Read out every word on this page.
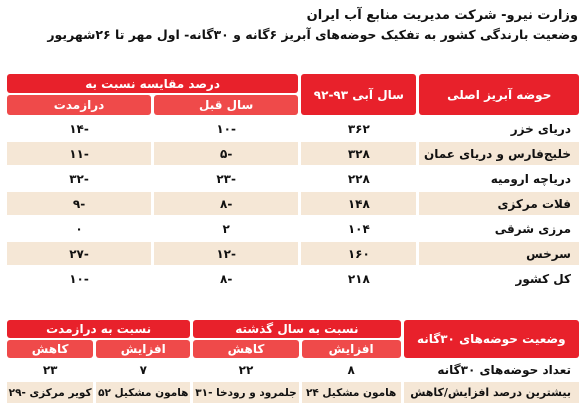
وزارت نیرو- شرکت مدیریت منابع آب ایران
وضعیت بارندگی کشور به تفکیک حوضه‌های آبریز ۶گانه و ۳۰گانه- اول مهر تا ۲۶شهریور
حوضه آبریز اصلی	سال آبی ۹۳-۹۲	درصد مقایسه نسبت به	
		سال قبل	درازمدت
دریای خزر	۳۶۲	-۱۰	-۱۴
خلیج‌فارس و دریای عمان	۳۲۸	-۵	-۱۱
دریاچه ارومیه	۲۲۸	-۲۳	-۳۲
فلات مرکزی	۱۴۸	-۸	-۹
مرزی شرقی	۱۰۴	۲	۰
سرخس	۱۶۰	-۱۲	-۲۷
کل کشور	۲۱۸	-۸	-۱۰
وضعیت حوضه‌های ۳۰گانه	نسبت به سال گذشته		نسبت به درازمدت	
	افزایش	کاهش	افزایش	کاهش
تعداد حوضه‌های ۳۰گانه	۸	۲۲	۷	۲۳
بیشترین درصد افزایش/کاهش	هامون مشکیل ۲۴	جلمرود و رودخا -۳۱	هامون مشکیل ۵۲	کویر مرکزی -۲۹
